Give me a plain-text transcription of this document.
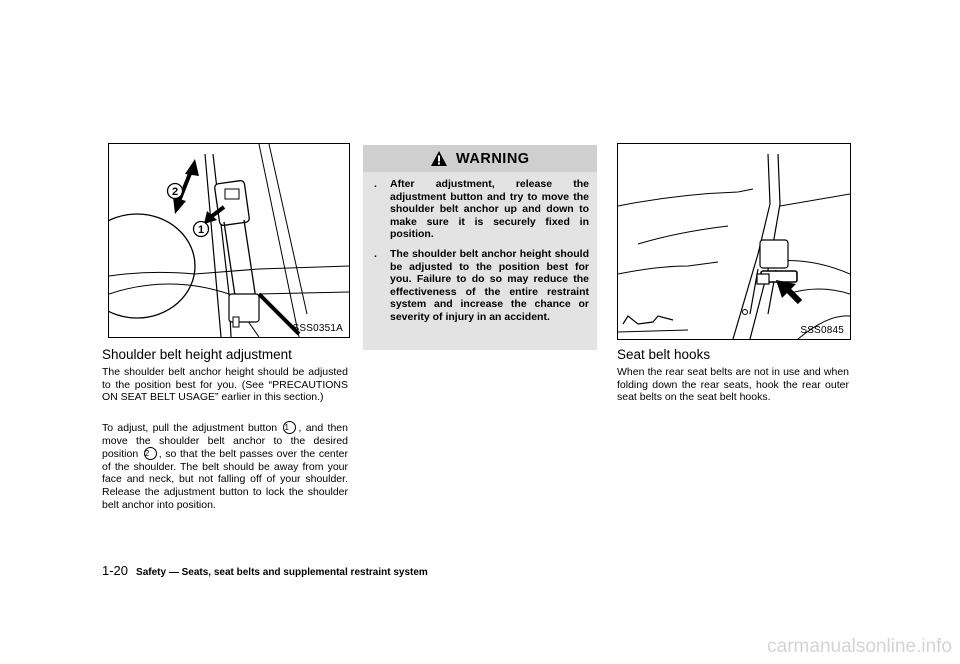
2
1
SSS0351A
Shoulder belt height adjustment

The shoulder belt anchor height should be adjusted to the position best for you. (See “PRECAUTIONS ON SEAT BELT USAGE” earlier in this section.)

To adjust, pull the adjustment button 1 , and then move the shoulder belt anchor to the desired position 2 , so that the belt passes over the center of the shoulder. The belt should be away from your face and neck, but not falling off of your shoulder. Release the adjustment button to lock the shoulder belt anchor into position.

WARNING
. After adjustment, release the adjustment button and try to move the shoulder belt anchor up and down to make sure it is securely fixed in position.
. The shoulder belt anchor height should be adjusted to the position best for you. Failure to do so may reduce the effectiveness of the entire restraint system and increase the chance or severity of injury in an accident.
SSS0845
Seat belt hooks

When the rear seat belts are not in use and when folding down the rear seats, hook the rear outer seat belts on the seat belt hooks.

1-20 Safety — Seats, seat belts and supplemental restraint system
carmanualsonline.info
